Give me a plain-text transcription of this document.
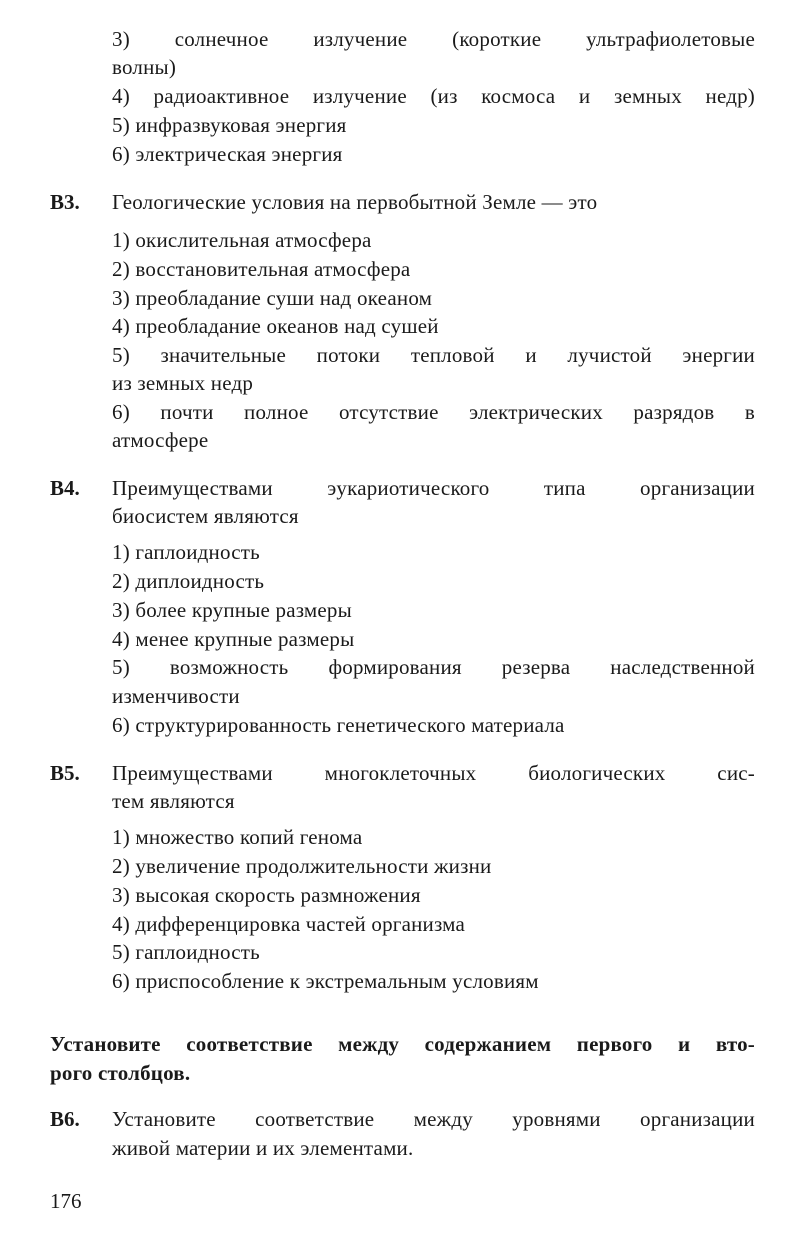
3) солнечное излучение (короткие ультрафиолетовые
волны)
4) радиоактивное излучение (из космоса и земных недр)
5) инфразвуковая энергия
6) электрическая энергия
В3. Геологические условия на первобытной Земле — это
1) окислительная атмосфера
2) восстановительная атмосфера
3) преобладание суши над океаном
4) преобладание океанов над сушей
5) значительные потоки тепловой и лучистой энергии
из земных недр
6) почти полное отсутствие электрических разрядов в
атмосфере
В4. Преимуществами эукариотического типа организации
биосистем являются
1) гаплоидность
2) диплоидность
3) более крупные размеры
4) менее крупные размеры
5) возможность формирования резерва наследственной
изменчивости
6) структурированность генетического материала
В5. Преимуществами многоклеточных биологических сис-
тем являются
1) множество копий генома
2) увеличение продолжительности жизни
3) высокая скорость размножения
4) дифференцировка частей организма
5) гаплоидность
6) приспособление к экстремальным условиям
Установите соответствие между содержанием первого и вто-
рого столбцов.
В6. Установите соответствие между уровнями организации
живой материи и их элементами.
176
